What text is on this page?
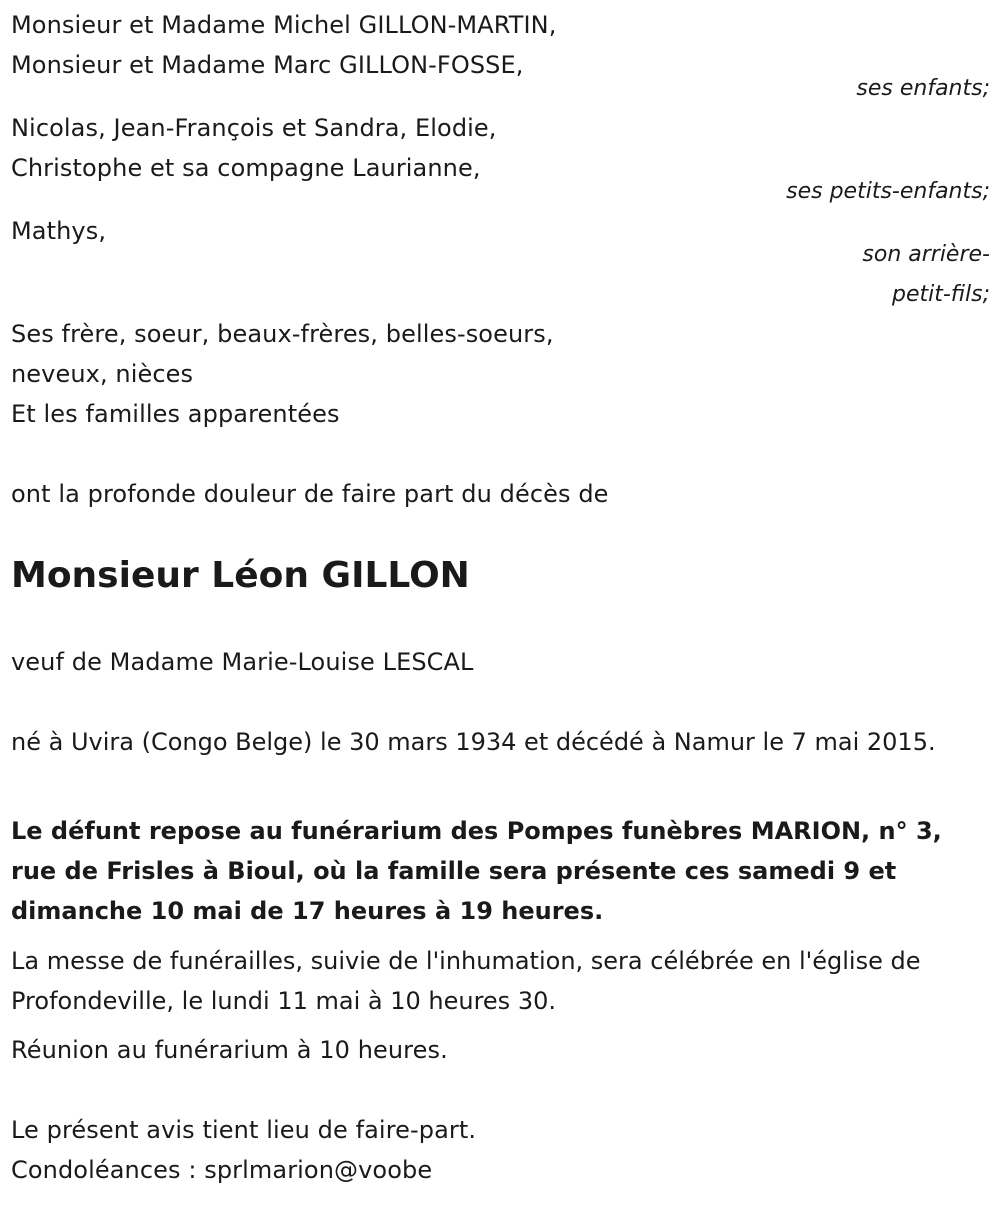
Monsieur et Madame Michel GILLON-MARTIN,
Monsieur et Madame Marc GILLON-FOSSE,
ses enfants;
Nicolas, Jean-François et Sandra, Elodie,
Christophe et sa compagne Laurianne,
ses petits-enfants;
Mathys,
son arrière-
petit-fils;
Ses frère, soeur, beaux-frères, belles-soeurs,
neveux, nièces
Et les familles apparentées
ont la profonde douleur de faire part du décès de
Monsieur Léon GILLON
veuf de Madame Marie-Louise LESCAL
né à Uvira (Congo Belge) le 30 mars 1934 et décédé à Namur le 7 mai 2015.
Le défunt repose au funérarium des Pompes funèbres MARION, n° 3, rue de Frisles à Bioul, où la famille sera présente ces samedi 9 et dimanche 10 mai de 17 heures à 19 heures.
La messe de funérailles, suivie de l'inhumation, sera célébrée en l'église de Profondeville, le lundi 11 mai à 10 heures 30.
Réunion au funérarium à 10 heures.
Le présent avis tient lieu de faire-part.
Condoléances : sprlmarion@voobe
